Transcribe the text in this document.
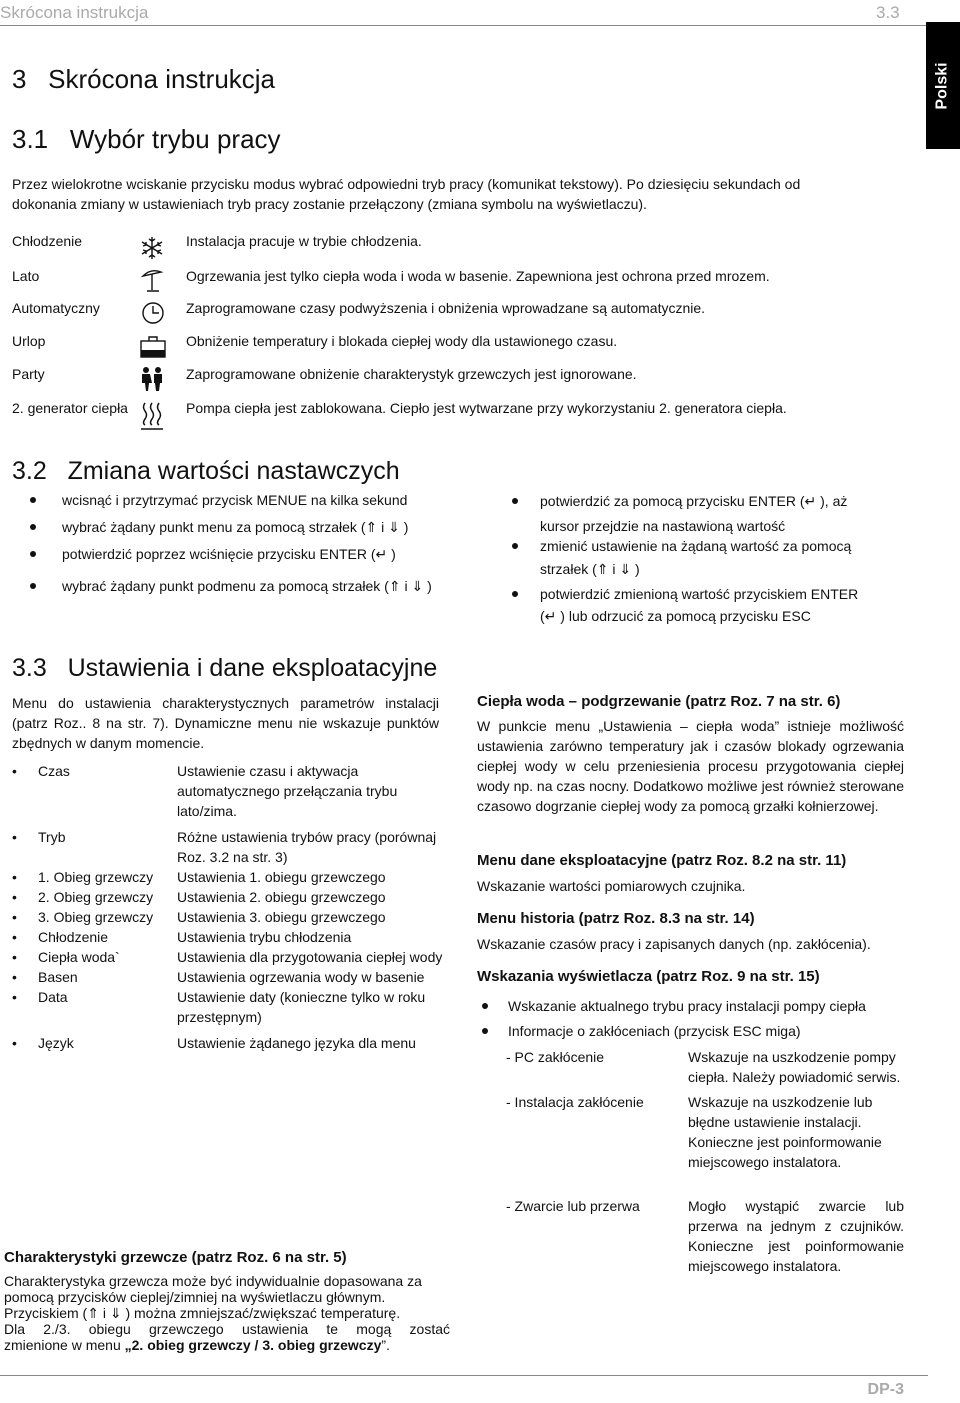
Skrócona instrukcja	3.3
Polski
3   Skrócona instrukcja
3.1   Wybór trybu pracy
Przez wielokrotne wciskanie przycisku modus wybrać odpowiedni tryb pracy (komunikat tekstowy). Po dziesięciu sekundach od
dokonania zmiany w ustawieniach tryb pracy zostanie przełączony (zmiana symbolu na wyświetlaczu).
Chłodzenie	Instalacja pracuje w trybie chłodzenia.
Lato	Ogrzewania jest tylko ciepła woda i woda w basenie. Zapewniona jest ochrona przed mrozem.
Automatyczny	Zaprogramowane czasy podwyższenia i obniżenia wprowadzane są automatycznie.
Urlop	Obniżenie temperatury i blokada ciepłej wody dla ustawionego czasu.
Party	Zaprogramowane obniżenie charakterystyk grzewczych jest ignorowane.
2. generator ciepła	Pompa ciepła jest zablokowana. Ciepło jest wytwarzane przy wykorzystaniu 2. generatora ciepła.
3.2   Zmiana wartości nastawczych
wcisnąć i przytrzymać przycisk MENUE na kilka sekund
wybrać żądany punkt menu za pomocą strzałek (⇑ i ⇓ )
potwierdzić poprzez wciśnięcie przycisku ENTER (↵ )
wybrać żądany punkt podmenu za pomocą strzałek (⇑ i ⇓ )
potwierdzić za pomocą przycisku ENTER (↵ ), aż
kursor przejdzie na nastawioną wartość
zmienić ustawienie na żądaną wartość za pomocą
strzałek (⇑ i ⇓ )
potwierdzić zmienioną wartość przyciskiem ENTER
(↵ ) lub odrzucić za pomocą przycisku ESC
3.3   Ustawienia i dane eksploatacyjne
Menu do ustawienia charakterystycznych parametrów instalacji (patrz Roz.. 8 na str. 7). Dynamiczne menu nie wskazuje punktów zbędnych w danym momencie.
•	Czas	Ustawienie czasu i aktywacja automatycznego przełączania trybu lato/zima.
•	Tryb	Różne ustawienia trybów pracy (porównaj Roz. 3.2 na str. 3)
•	1. Obieg grzewczy	Ustawienia 1. obiegu grzewczego
•	2. Obieg grzewczy	Ustawienia 2. obiegu grzewczego
•	3. Obieg grzewczy	Ustawienia 3. obiegu grzewczego
•	Chłodzenie	Ustawienia trybu chłodzenia
•	Ciepła woda`	Ustawienia dla przygotowania ciepłej wody
•	Basen	Ustawienia ogrzewania wody w basenie
•	Data	Ustawienie daty (konieczne tylko w roku przestępnym)
•	Język	Ustawienie żądanego języka dla menu
Charakterystyki grzewcze (patrz Roz. 6 na str. 5)
Charakterystyka grzewcza może być indywidualnie dopasowana za
pomocą przycisków cieplej/zimniej na wyświetlaczu głównym.
Przyciskiem (⇑ i ⇓ ) można zmniejszać/zwiększać temperaturę.
Dla 2./3. obiegu grzewczego ustawienia te mogą zostać
zmienione w menu „2. obieg grzewczy / 3. obieg grzewczy”.
Ciepła woda – podgrzewanie (patrz Roz. 7 na str. 6)
W punkcie menu „Ustawienia – ciepła woda” istnieje możliwość ustawienia zarówno temperatury jak i czasów blokady ogrzewania ciepłej wody w celu przeniesienia procesu przygotowania ciepłej wody np. na czas nocny. Dodatkowo możliwe jest również sterowane czasowo dogrzanie ciepłej wody za pomocą grzałki kołnierzowej.
Menu dane eksploatacyjne (patrz Roz. 8.2 na str. 11)
Wskazanie wartości pomiarowych czujnika.
Menu historia (patrz Roz. 8.3 na str. 14)
Wskazanie czasów pracy i zapisanych danych (np. zakłócenia).
Wskazania wyświetlacza (patrz Roz. 9 na str. 15)
Wskazanie aktualnego trybu pracy instalacji pompy ciepła
Informacje o zakłóceniach (przycisk ESC miga)
- PC zakłócenie	Wskazuje na uszkodzenie pompy ciepła. Należy powiadomić serwis.
- Instalacja zakłócenie	Wskazuje na uszkodzenie lub błędne ustawienie instalacji. Konieczne jest poinformowanie miejscowego instalatora.
- Zwarcie lub przerwa	Mogło wystąpić zwarcie lub przerwa na jednym z czujników. Konieczne jest poinformowanie miejscowego instalatora.
DP-3
